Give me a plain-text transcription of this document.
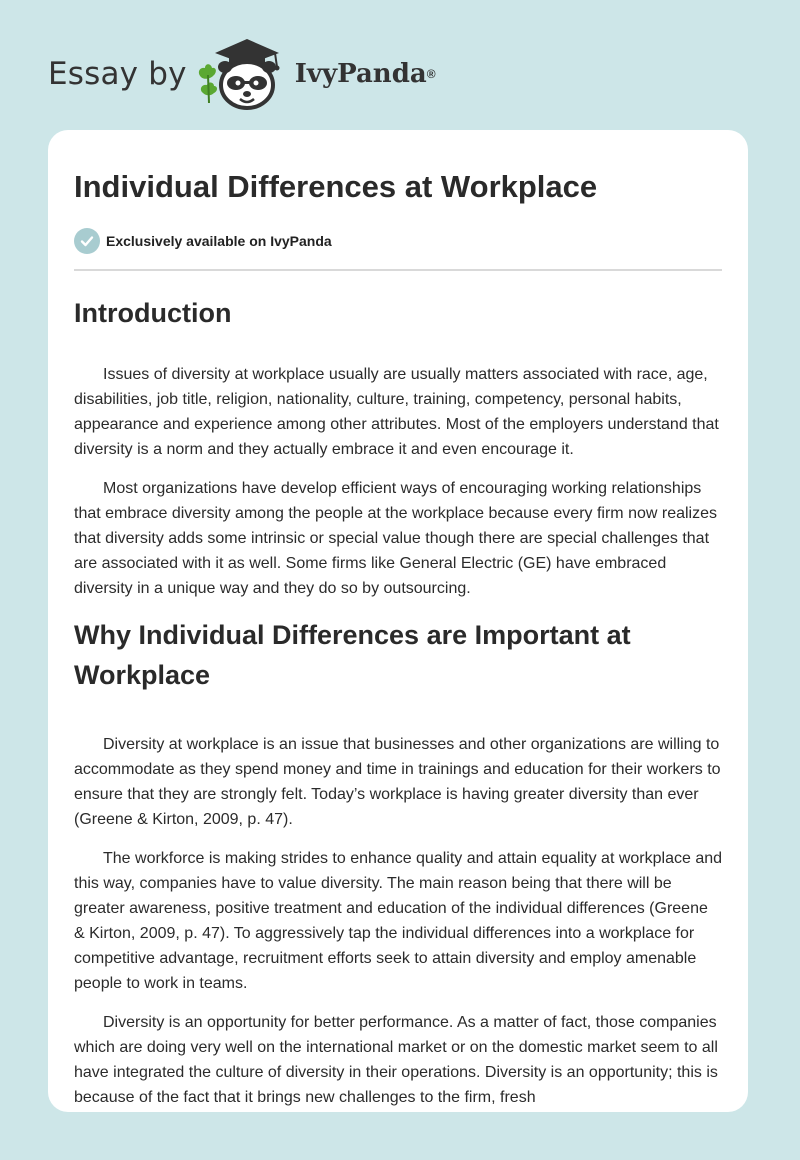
Essay by	IvyPanda ®
Individual Differences at Workplace
Exclusively available on IvyPanda
Introduction

Issues of diversity at workplace usually are usually matters associated with race, age, disabilities, job title, religion, nationality, culture, training, competency, personal habits, appearance and experience among other attributes. Most of the employers understand that diversity is a norm and they actually embrace it and even encourage it.

Most organizations have develop efficient ways of encouraging working relationships that embrace diversity among the people at the workplace because every firm now realizes that diversity adds some intrinsic or special value though there are special challenges that are associated with it as well. Some firms like General Electric (GE) have embraced diversity in a unique way and they do so by outsourcing.

Why Individual Differences are Important at Workplace

Diversity at workplace is an issue that businesses and other organizations are willing to accommodate as they spend money and time in trainings and education for their workers to ensure that they are strongly felt. Today’s workplace is having greater diversity than ever (Greene & Kirton, 2009, p. 47).

The workforce is making strides to enhance quality and attain equality at workplace and this way, companies have to value diversity. The main reason being that there will be greater awareness, positive treatment and education of the individual differences (Greene & Kirton, 2009, p. 47). To aggressively tap the individual differences into a workplace for competitive advantage, recruitment efforts seek to attain diversity and employ amenable people to work in teams.

Diversity is an opportunity for better performance. As a matter of fact, those companies which are doing very well on the international market or on the domestic market seem to all have integrated the culture of diversity in their operations. Diversity is an opportunity; this is because of the fact that it brings new challenges to the firm, fresh
